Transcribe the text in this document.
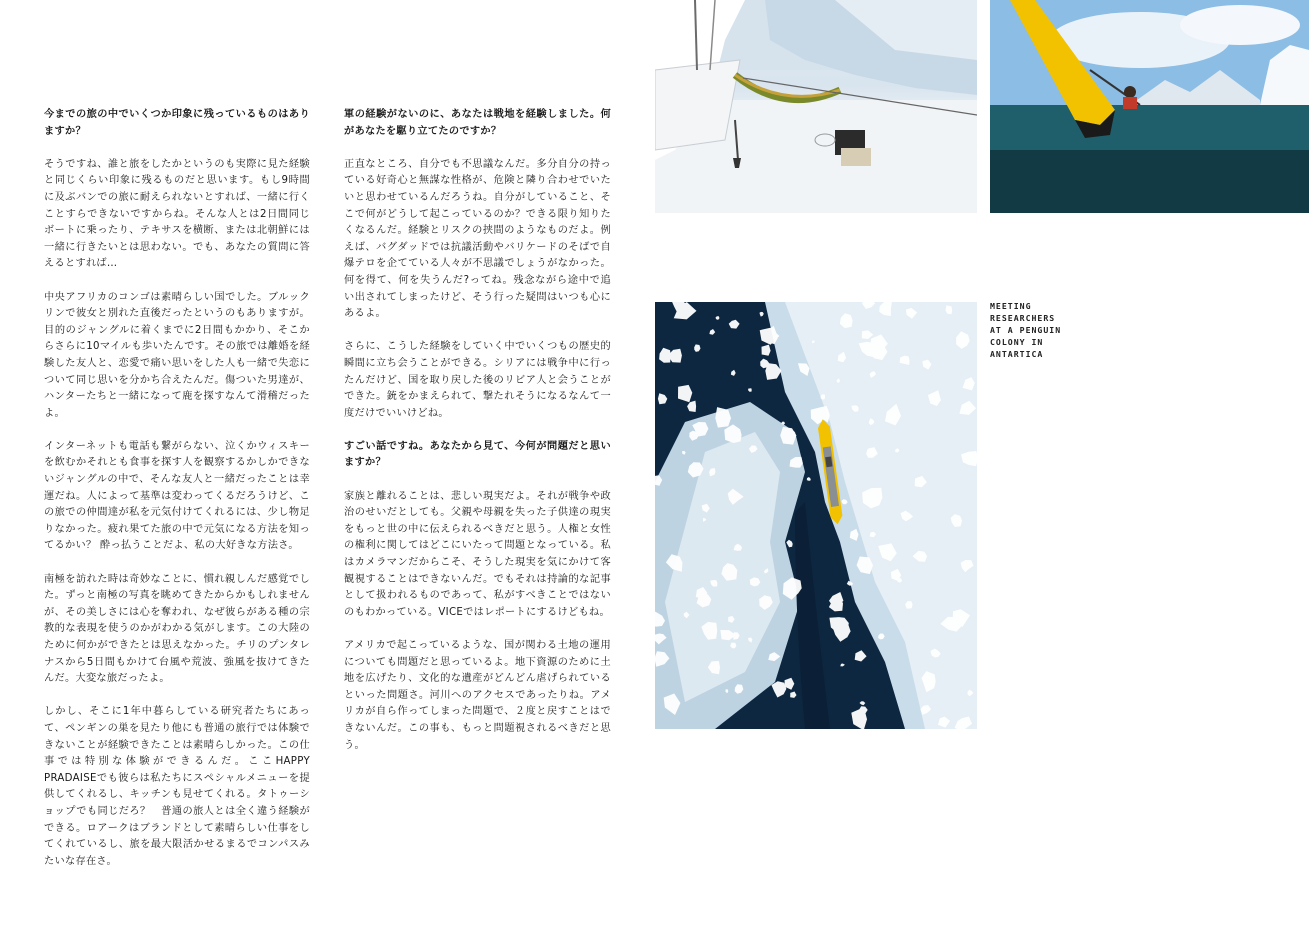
今までの旅の中でいくつか印象に残っているものはありますか？

そうですね、誰と旅をしたかというのも実際に見た経験と同じくらい印象に残るものだと思います。もし9時間に及ぶバンでの旅に耐えられないとすれば、一緒に行くことすらできないですからね。そんな人とは2日間同じボートに乗ったり、テキサスを横断、または北朝鮮には一緒に行きたいとは思わない。でも、あなたの質問に答えるとすれば…

中央アフリカのコンゴは素晴らしい国でした。ブルックリンで彼女と別れた直後だったというのもありますが。目的のジャングルに着くまでに2日間もかかり、そこからさらに10マイルも歩いたんです。その旅では離婚を経験した友人と、恋愛で痛い思いをした人も一緒で失恋について同じ思いを分かち合えたんだ。傷ついた男達が、ハンターたちと一緒になって鹿を探すなんて滑稽だったよ。

インターネットも電話も繋がらない、泣くかウィスキーを飲むかそれとも食事を探す人を観察するかしかできないジャングルの中で、そんな友人と一緒だったことは幸運だね。人によって基準は変わってくるだろうけど、この旅での仲間達が私を元気付けてくれるには、少し物足りなかった。疲れ果てた旅の中で元気になる方法を知ってるかい？ 酔っ払うことだよ、私の大好きな方法さ。

南極を訪れた時は奇妙なことに、慣れ親しんだ感覚でした。ずっと南極の写真を眺めてきたからかもしれませんが、その美しさには心を奪われ、なぜ彼らがある種の宗教的な表現を使うのかがわかる気がします。この大陸のために何かができたとは思えなかった。チリのプンタレナスから5日間もかけて台風や荒波、強風を抜けてきたんだ。大変な旅だったよ。

しかし、そこに1年中暮らしている研究者たちにあって、ペンギンの巣を見たり他にも普通の旅行では体験できないことが経験できたことは素晴らしかった。この仕事では特別な体験ができるんだ。ここHAPPY PRADAISEでも彼らは私たちにスペシャルメニューを提供してくれるし、キッチンも見せてくれる。タトゥーショップでも同じだろ？　普通の旅人とは全く違う経験ができる。ロアークはブランドとして素晴らしい仕事をしてくれているし、旅を最大限活かせるまるでコンパスみたいな存在さ。

軍の経験がないのに、あなたは戦地を経験しました。何があなたを駆り立てたのですか？

正直なところ、自分でも不思議なんだ。多分自分の持っている好奇心と無謀な性格が、危険と隣り合わせでいたいと思わせているんだろうね。自分がしていること、そこで何がどうして起こっているのか？できる限り知りたくなるんだ。経験とリスクの挟間のようなものだよ。例えば、バグダッドでは抗議活動やバリケードのそばで自爆テロを企てている人々が不思議でしょうがなかった。何を得て、何を失うんだ?ってね。残念ながら途中で追い出されてしまったけど、そう行った疑問はいつも心にあるよ。

さらに、こうした経験をしていく中でいくつもの歴史的瞬間に立ち会うことができる。シリアには戦争中に行ったんだけど、国を取り戻した後のリビア人と会うことができた。銃をかまえられて、撃たれそうになるなんて一度だけでいいけどね。

すごい話ですね。あなたから見て、今何が問題だと思いますか？

家族と離れることは、悲しい現実だよ。それが戦争や政治のせいだとしても。父親や母親を失った子供達の現実をもっと世の中に伝えられるべきだと思う。人権と女性の権利に関してはどこにいたって問題となっている。私はカメラマンだからこそ、そうした現実を気にかけて客観視することはできないんだ。でもそれは持論的な記事として扱われるものであって、私がすべきことではないのもわかっている。VICEではレポートにするけどもね。

アメリカで起こっているような、国が関わる土地の運用についても問題だと思っているよ。地下資源のために土地を広げたり、文化的な遺産がどんどん虐げられているといった問題さ。河川へのアクセスであったりね。アメリカが自ら作ってしまった問題で、２度と戻すことはできないんだ。この事も、もっと問題視されるべきだと思う。

MEETING
RESEARCHERS
AT A PENGUIN
COLONY IN
ANTARTICA
